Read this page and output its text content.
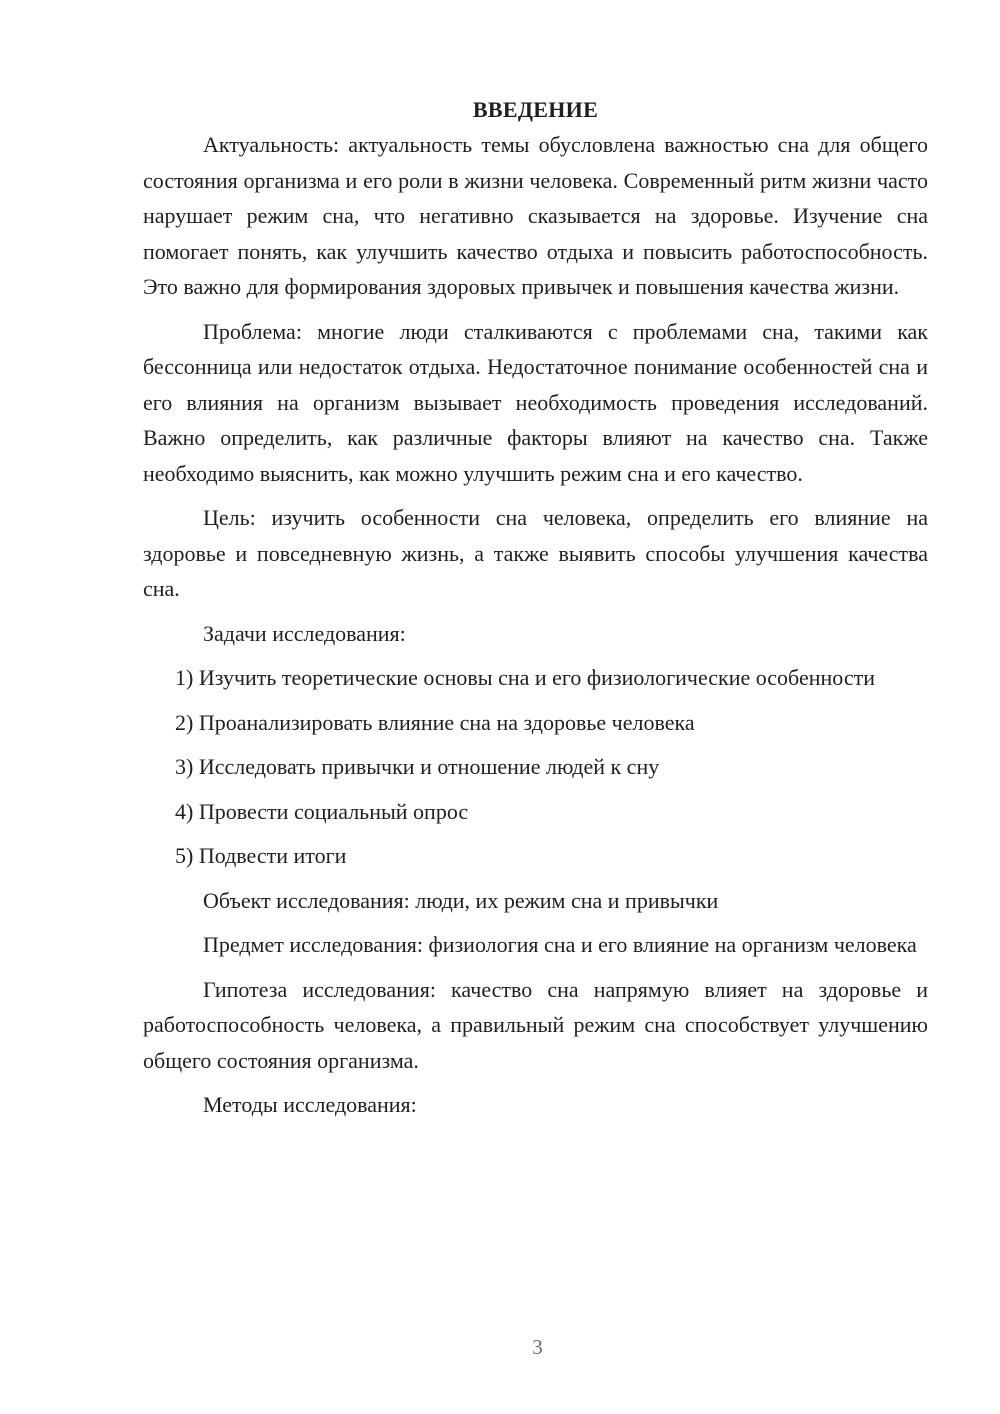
ВВЕДЕНИЕ

Актуальность: актуальность темы обусловлена важностью сна для общего состояния организма и его роли в жизни человека. Современный ритм жизни часто нарушает режим сна, что негативно сказывается на здоровье. Изучение сна помогает понять, как улучшить качество отдыха и повысить работоспособность. Это важно для формирования здоровых привычек и повышения качества жизни.

Проблема: многие люди сталкиваются с проблемами сна, такими как бессонница или недостаток отдыха. Недостаточное понимание особенностей сна и его влияния на организм вызывает необходимость проведения исследований. Важно определить, как различные факторы влияют на качество сна. Также необходимо выяснить, как можно улучшить режим сна и его качество.

Цель: изучить особенности сна человека, определить его влияние на здоровье и повседневную жизнь, а также выявить способы улучшения качества сна.

Задачи исследования:

1) Изучить теоретические основы сна и его физиологические особенности

2) Проанализировать влияние сна на здоровье человека

3) Исследовать привычки и отношение людей к сну

4) Провести социальный опрос

5) Подвести итоги

Объект исследования: люди, их режим сна и привычки

Предмет исследования: физиология сна и его влияние на организм человека

Гипотеза исследования: качество сна напрямую влияет на здоровье и работоспособность человека, а правильный режим сна способствует улучшению общего состояния организма.

Методы исследования:

3
